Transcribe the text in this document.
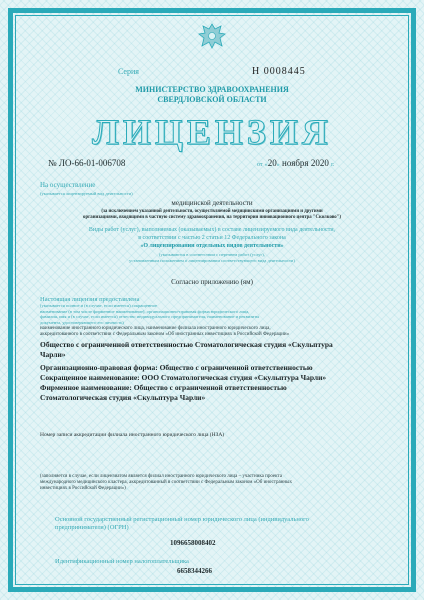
Серия	Н 0008445
МИНИСТЕРСТВО ЗДРАВООХРАНЕНИЯ
СВЕРДЛОВСКОЙ ОБЛАСТИ
ЛИЦЕНЗИЯ
№ ЛО-66-01-006708	от «20» ноября 2020 г.
На осуществление
(указывается лицензируемый вид деятельности)
медицинской деятельности
(за исключением указанной деятельности, осуществляемой медицинскими организациями и другими
организациями, входящими в частную систему здравоохранения, на территории инновационного центра "Сколково")
Виды работ (услуг), выполняемых (оказываемых) в составе лицензируемого вида деятельности,
в соответствии с частью 2 статьи 12 Федерального закона
«О лицензировании отдельных видов деятельности»
(указываются в соответствии с перечнем работ (услуг),
установленным положением о лицензировании соответствующего вида деятельности)
Согласно приложению (ям)
Настоящая лицензия предоставлена
(указывается полное и (в случае, если имеется) сокращенное
наименование (в том числе фирменное наименование), организационно-правовая форма юридического лица,
фамилия, имя и (в случае, если имеется) отчество индивидуального предпринимателя, наименование и реквизиты
документа, удостоверяющего его личность)
наименование иностранного юридического лица, наименование филиала иностранного юридического лица,
аккредитованного в соответствии с Федеральным законом «Об иностранных инвестициях в Российской Федерации»
Общество с ограниченной ответственностью Стоматологическая студия «Скульптура
Чарли»
Организационно-правовая форма: Общество с ограниченной ответственностью
Сокращенное наименование: ООО Стоматологическая студия «Скульптура Чарли»
Фирменное наименование: Общество с ограниченной ответственностью
Стоматологическая студия «Скульптура Чарли»
Номер записи аккредитации филиала иностранного юридического лица (НЗА)
(заполняется в случае, если лицензиатом является филиал иностранного юридического лица – участника проекта
международного медицинского кластера, аккредитованный в соответствии с Федеральным законом «Об иностранных
инвестициях в Российской Федерации»)
Основной государственный регистрационный номер юридического лица (индивидуального
предпринимателя) (ОГРН)
1096658008402
Идентификационный номер налогоплательщика
6658344266
